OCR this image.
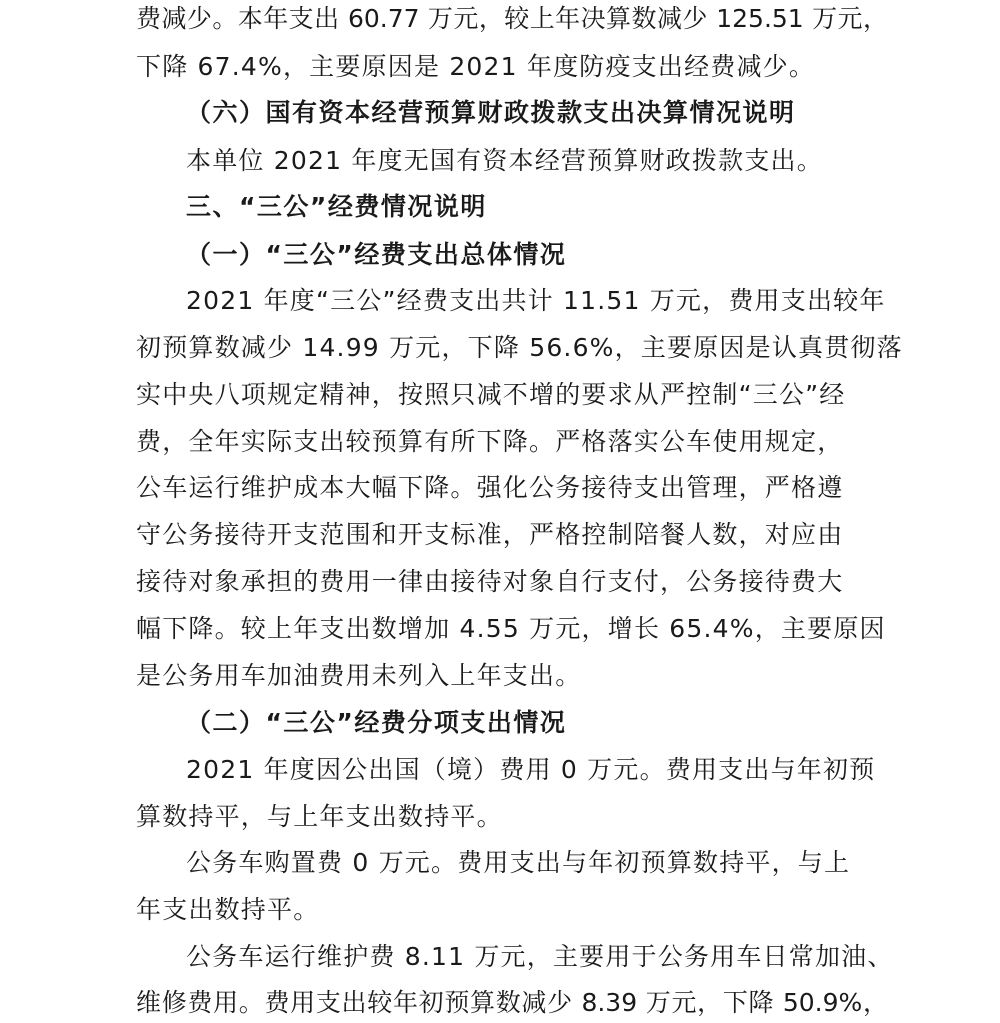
费减少。本年支出 60.77 万元，较上年决算数减少 125.51 万元，
下降 67.4%，主要原因是 2021 年度防疫支出经费减少。
（六）国有资本经营预算财政拨款支出决算情况说明
本单位 2021 年度无国有资本经营预算财政拨款支出。
三、“三公”经费情况说明
（一）“三公”经费支出总体情况
2021 年度“三公”经费支出共计 11.51 万元，费用支出较年
初预算数减少 14.99 万元，下降 56.6%，主要原因是认真贯彻落
实中央八项规定精神，按照只减不增的要求从严控制“三公”经
费，全年实际支出较预算有所下降。严格落实公车使用规定，
公车运行维护成本大幅下降。强化公务接待支出管理，严格遵
守公务接待开支范围和开支标准，严格控制陪餐人数，对应由
接待对象承担的费用一律由接待对象自行支付，公务接待费大
幅下降。较上年支出数增加 4.55 万元，增长 65.4%，主要原因
是公务用车加油费用未列入上年支出。
（二）“三公”经费分项支出情况
2021 年度因公出国（境）费用 0 万元。费用支出与年初预
算数持平，与上年支出数持平。
公务车购置费 0 万元。费用支出与年初预算数持平，与上
年支出数持平。
公务车运行维护费 8.11 万元，主要用于公务用车日常加油、
维修费用。费用支出较年初预算数减少 8.39 万元，下降 50.9%，
